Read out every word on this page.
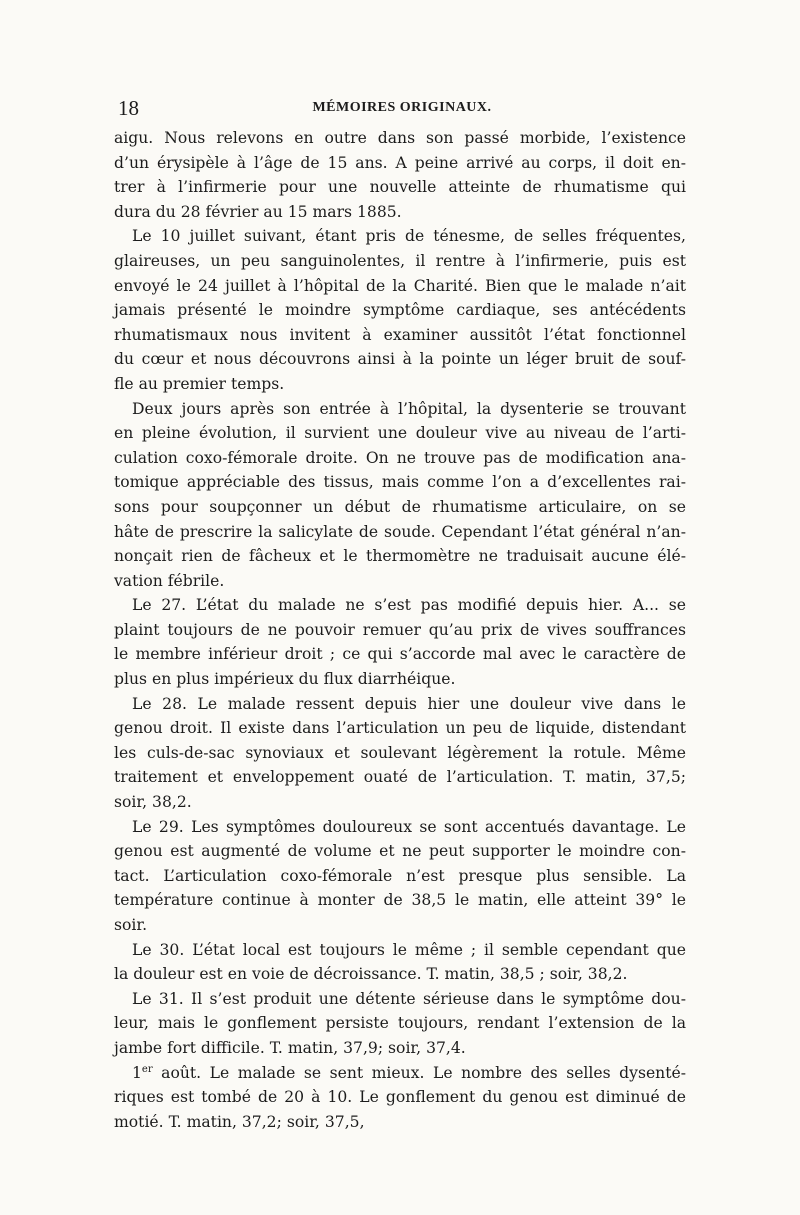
18	MÉMOIRES ORIGINAUX.
aigu. Nous relevons en outre dans son passé morbide, l’existence
d’un érysipèle à l’âge de 15 ans. A peine arrivé au corps, il doit en-
trer à l’infirmerie pour une nouvelle atteinte de rhumatisme qui
dura du 28 février au 15 mars 1885.
Le 10 juillet suivant, étant pris de ténesme, de selles fréquentes,
glaireuses, un peu sanguinolentes, il rentre à l’infirmerie, puis est
envoyé le 24 juillet à l’hôpital de la Charité. Bien que le malade n’ait
jamais présenté le moindre symptôme cardiaque, ses antécédents
rhumatismaux nous invitent à examiner aussitôt l’état fonctionnel
du cœur et nous découvrons ainsi à la pointe un léger bruit de souf-
fle au premier temps.
Deux jours après son entrée à l’hôpital, la dysenterie se trouvant
en pleine évolution, il survient une douleur vive au niveau de l’arti-
culation coxo-fémorale droite. On ne trouve pas de modification ana-
tomique appréciable des tissus, mais comme l’on a d’excellentes rai-
sons pour soupçonner un début de rhumatisme articulaire, on se
hâte de prescrire la salicylate de soude. Cependant l’état général n’an-
nonçait rien de fâcheux et le thermomètre ne traduisait aucune élé-
vation fébrile.
Le 27. L’état du malade ne s’est pas modifié depuis hier. A... se
plaint toujours de ne pouvoir remuer qu’au prix de vives souffrances
le membre inférieur droit ; ce qui s’accorde mal avec le caractère de
plus en plus impérieux du flux diarrhéique.
Le 28. Le malade ressent depuis hier une douleur vive dans le
genou droit. Il existe dans l’articulation un peu de liquide, distendant
les culs-de-sac synoviaux et soulevant légèrement la rotule. Même
traitement et enveloppement ouaté de l’articulation. T. matin, 37,5;
soir, 38,2.
Le 29. Les symptômes douloureux se sont accentués davantage. Le
genou est augmenté de volume et ne peut supporter le moindre con-
tact. L’articulation coxo-fémorale n’est presque plus sensible. La
température continue à monter de 38,5 le matin, elle atteint 39° le
soir.
Le 30. L’état local est toujours le même ; il semble cependant que
la douleur est en voie de décroissance. T. matin, 38,5 ; soir, 38,2.
Le 31. Il s’est produit une détente sérieuse dans le symptôme dou-
leur, mais le gonflement persiste toujours, rendant l’extension de la
jambe fort difficile. T. matin, 37,9; soir, 37,4.
1er août. Le malade se sent mieux. Le nombre des selles dysenté-
riques est tombé de 20 à 10. Le gonflement du genou est diminué de
motié. T. matin, 37,2; soir, 37,5,
